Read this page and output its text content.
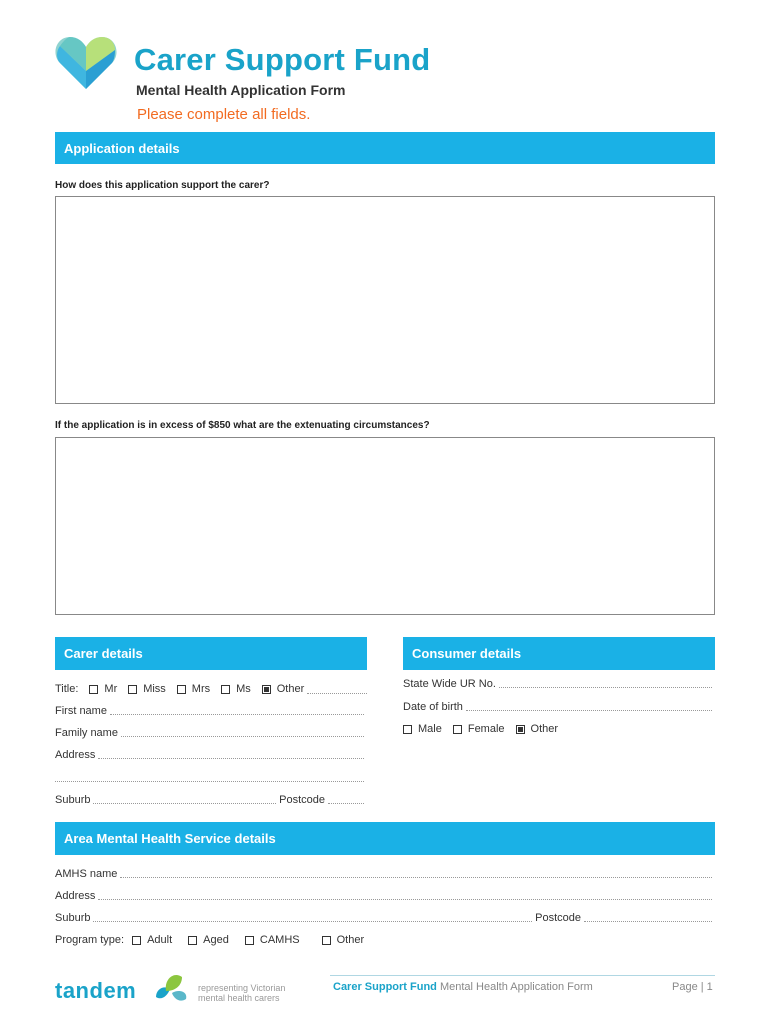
Carer Support Fund
Mental Health Application Form
Please complete all fields.
Application details
How does this application support the carer?
If the application is in excess of $850 what are the extenuating circumstances?
Carer details
Title: Mr Miss Mrs Ms Other
First name
Family name
Address
Suburb	Postcode
Consumer details
State Wide UR No.
Date of birth
Male Female Other
Area Mental Health Service details
AMHS name
Address
Suburb	Postcode
Program type: Adult	Aged	CAMHS	Other
tandem	representing Victorian mental health carers
Carer Support Fund Mental Health Application Form	Page | 1
